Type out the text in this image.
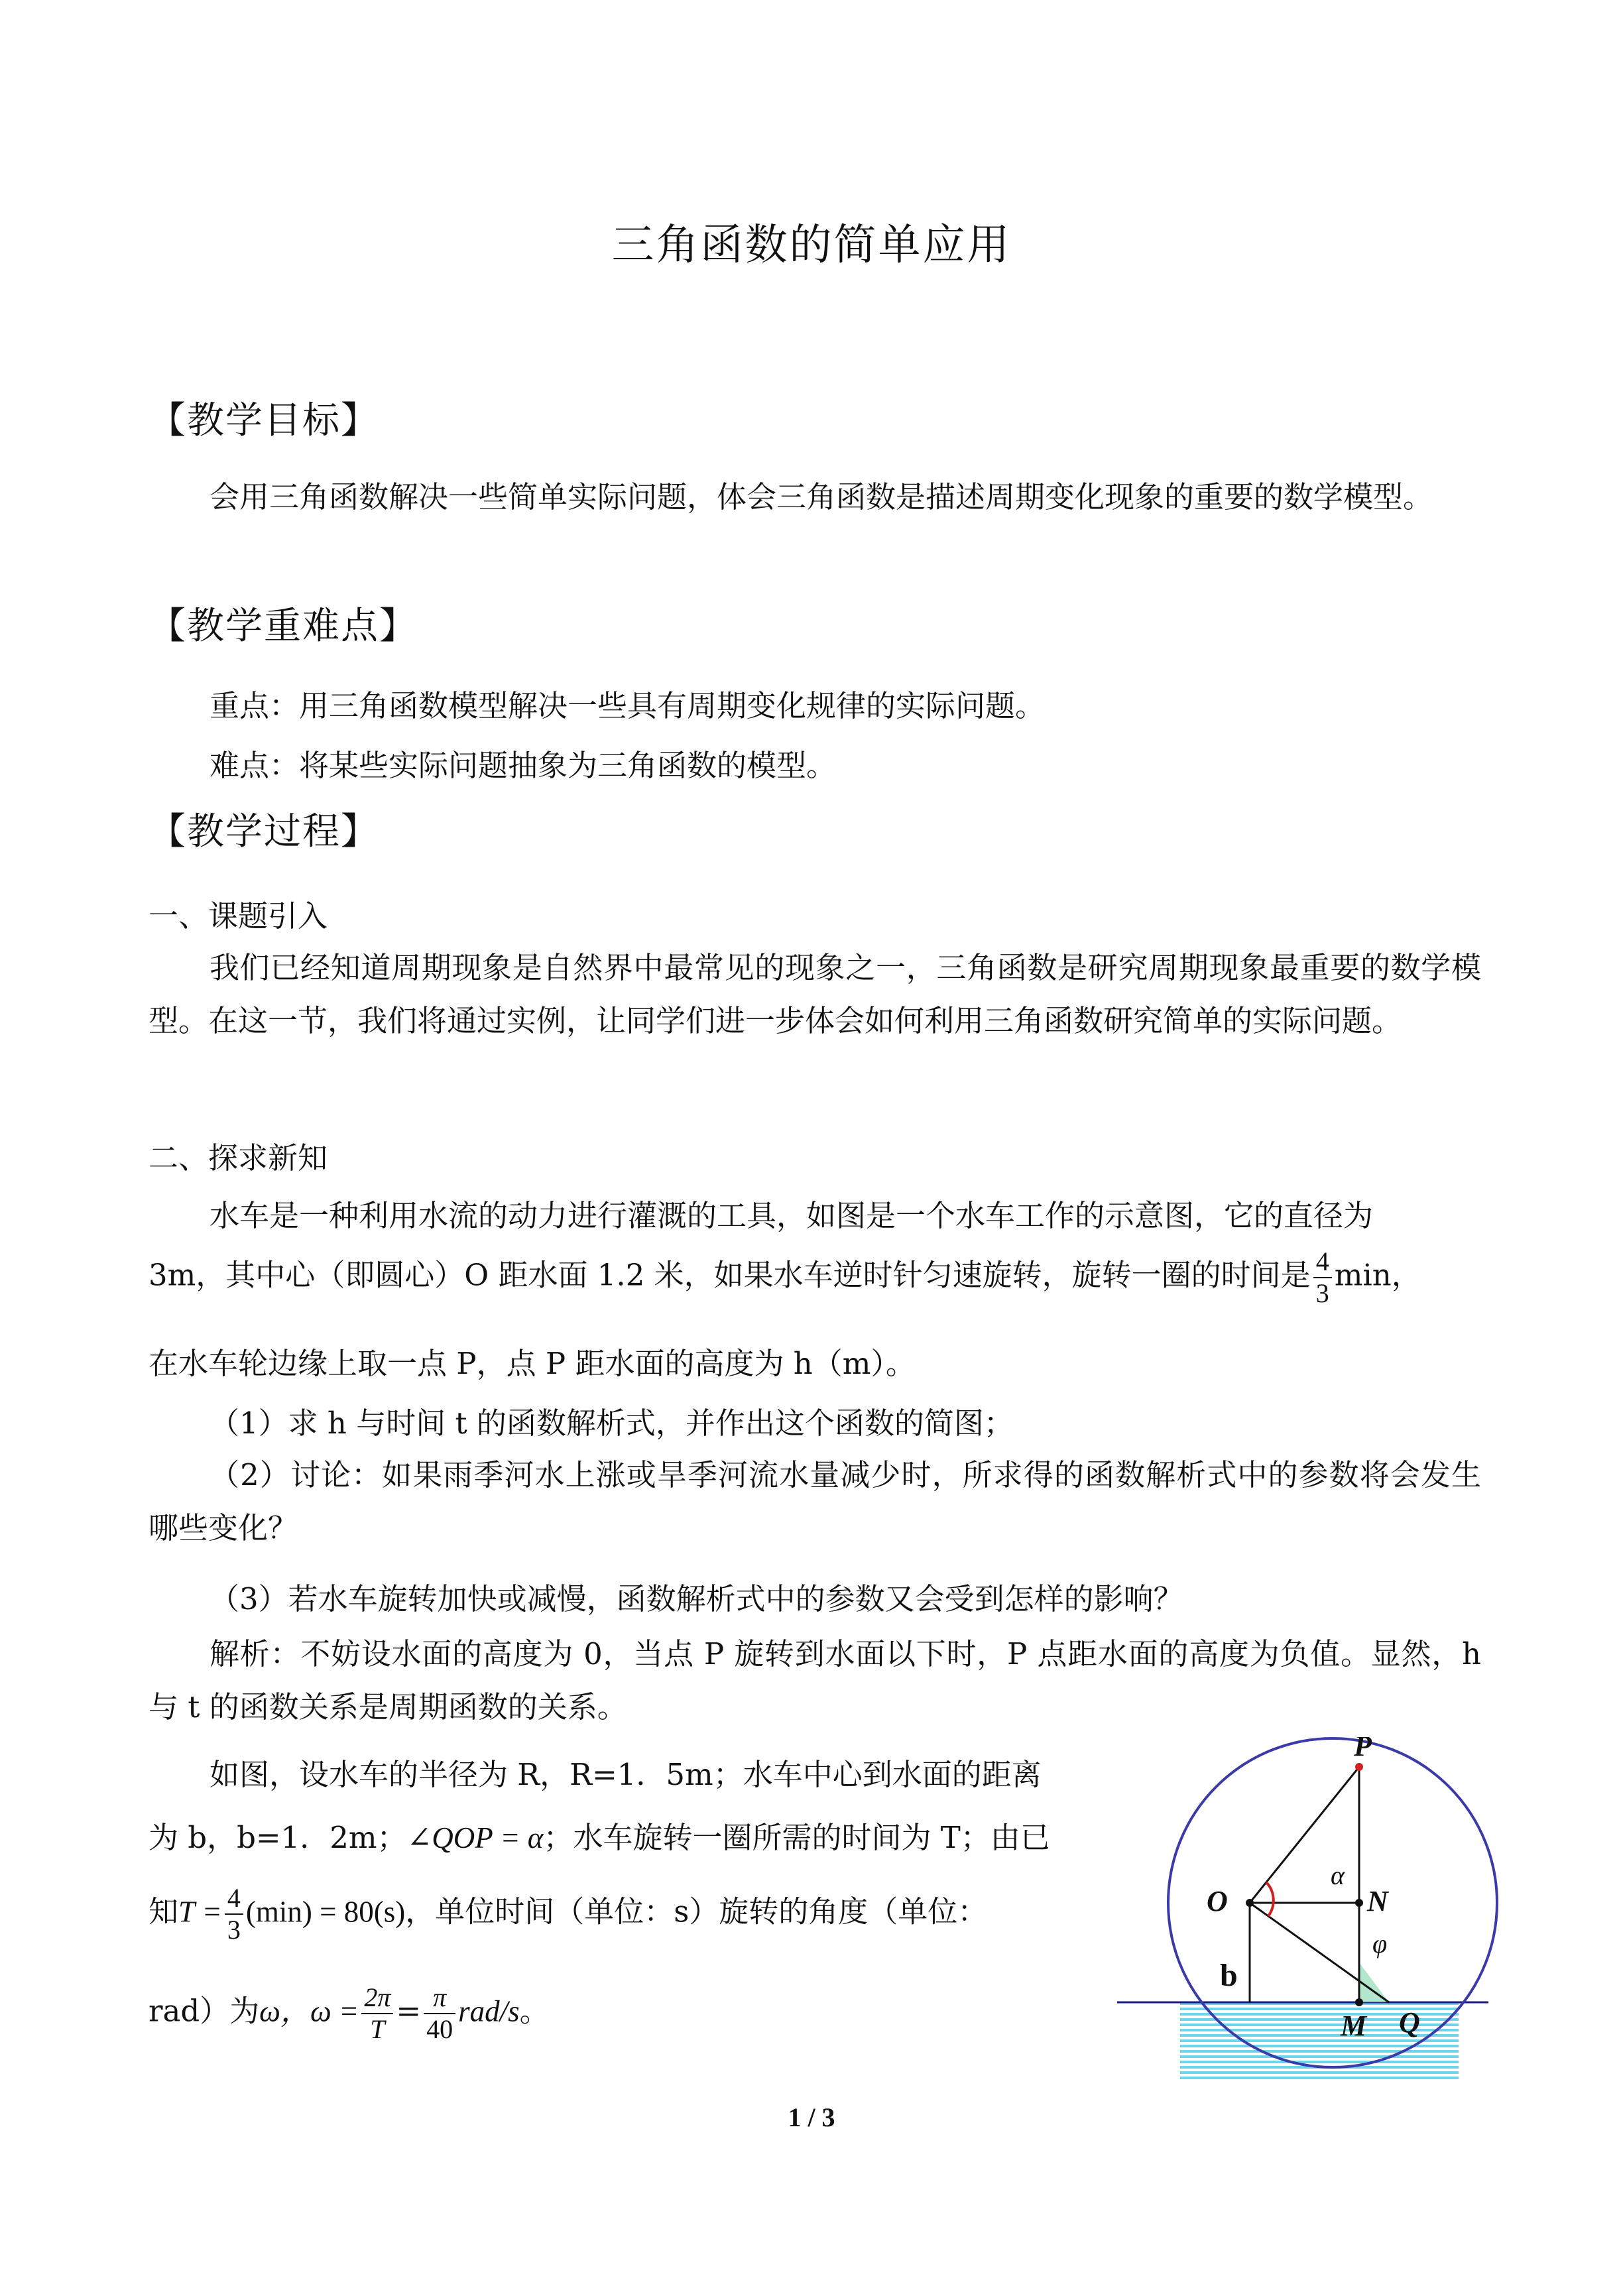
三角函数的简单应用
【教学目标】
会用三角函数解决一些简单实际问题，体会三角函数是描述周期变化现象的重要的数学模型。
【教学重难点】
重点：用三角函数模型解决一些具有周期变化规律的实际问题。
难点：将某些实际问题抽象为三角函数的模型。
【教学过程】
一、课题引入
我们已经知道周期现象是自然界中最常见的现象之一，三角函数是研究周期现象最重要的数学模型。在这一节，我们将通过实例，让同学们进一步体会如何利用三角函数研究简单的实际问题。
二、探求新知
水车是一种利用水流的动力进行灌溉的工具，如图是一个水车工作的示意图，它的直径为
3m，其中心（即圆心）O 距水面 1.2 米，如果水车逆时针匀速旋转，旋转一圈的时间是 $\frac{4}{3}$ min，
在水车轮边缘上取一点 P，点 P 距水面的高度为 h（m）。
（1）求 h 与时间 t 的函数解析式，并作出这个函数的简图；
（2）讨论：如果雨季河水上涨或旱季河流水量减少时，所求得的函数解析式中的参数将会发生哪些变化？
（3）若水车旋转加快或减慢，函数解析式中的参数又会受到怎样的影响？
解析：不妨设水面的高度为 0，当点 P 旋转到水面以下时，P 点距水面的高度为负值。显然，h 与 t 的函数关系是周期函数的关系。
如图，设水车的半径为 R，R=1．5m；水车中心到水面的距离
为 b，b=1．2m；∠QOP = α；水车旋转一圈所需的时间为 T；由已
知$T = \frac{4}{3} (\min) = 80(s)$，单位时间（单位：s）旋转的角度（单位：
rad）为ω，$\omega = \frac{2\pi}{T} = \frac{\pi}{40} rad/s$。
P
O	N
α
φ
b
M Q
1 / 3
